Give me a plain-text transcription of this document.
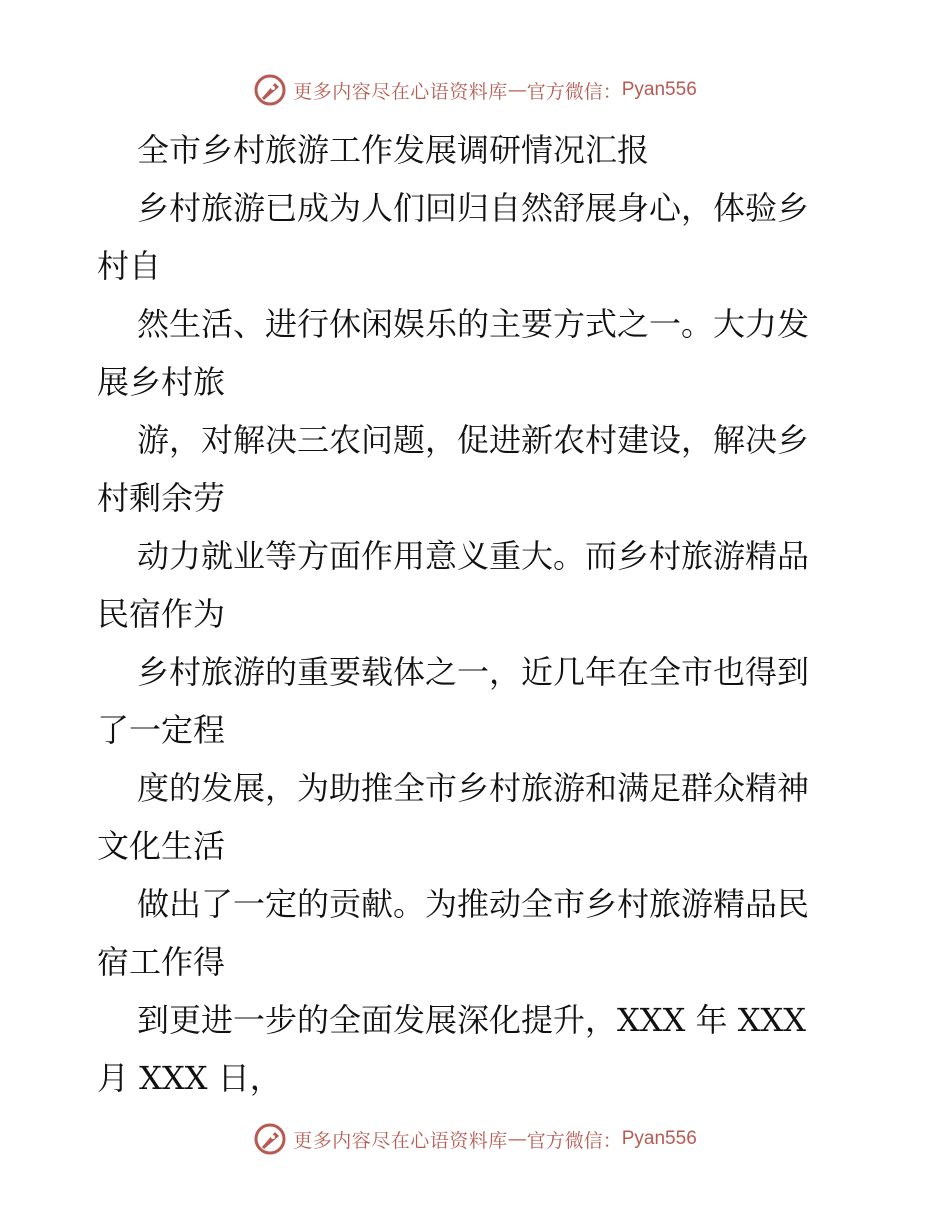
更多内容尽在心语资料库 — 官方微信： Pyan556
全市乡村旅游工作发展调研情况汇报
乡村旅游已成为人们回归自然舒展身心，体验乡
村自
然生活、进行休闲娱乐的主要方式之一。大力发
展乡村旅
游，对解决三农问题，促进新农村建设，解决乡
村剩余劳
动力就业等方面作用意义重大。而乡村旅游精品
民宿作为
乡村旅游的重要载体之一，近几年在全市也得到
了一定程
度的发展，为助推全市乡村旅游和满足群众精神
文化生活
做出了一定的贡献。为推动全市乡村旅游精品民
宿工作得
到更进一步的全面发展深化提升，XXX 年 XXX
月 XXX 日，
更多内容尽在心语资料库 — 官方微信： Pyan556
